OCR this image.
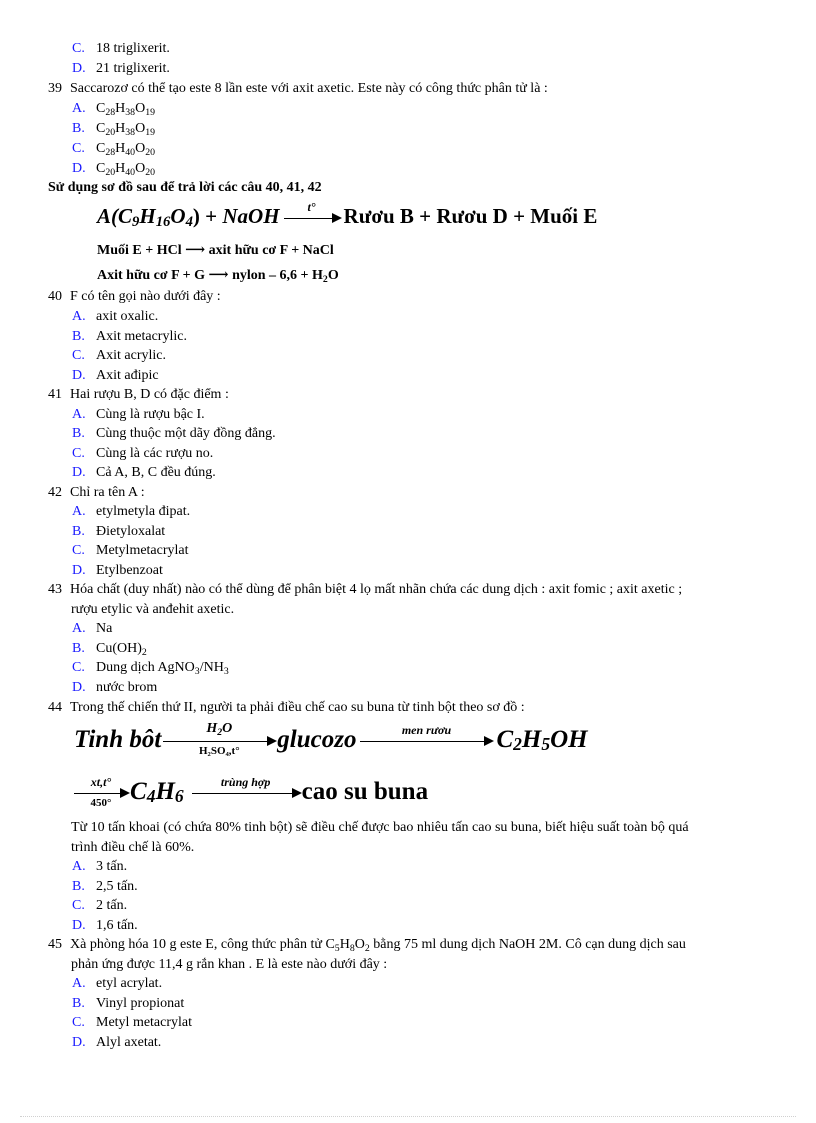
C. 18 triglixerit.
D. 21 triglixerit.
39 Saccarozơ có thể tạo este 8 lần este với axit axetic. Este này có công thức phân tử là :
A. $C_{28}H_{38}O_{19}$
B. $C_{20}H_{38}O_{19}$
C. $C_{28}H_{40}O_{20}$
D. $C_{20}H_{40}O_{20}$
Sử dụng sơ đồ sau để trả lời các câu 40, 41, 42
$A(C_9H_{16}O_4)$ + NaOH	t°	Rươu B + Rươu D + Muối E
Muối E + HCl ⟶ axit hữu cơ F + NaCl
Axit hữu cơ F + G ⟶ nylon – $6,6 + H_2O$
40 F có tên gọi nào dưới đây :
A. axit oxalic.
B. Axit metacrylic.
C. Axit acrylic.
D. Axit ađipic
41 Hai rượu B, D có đặc điểm :
A. Cùng là rượu bậc I.
B. Cùng thuộc một dãy đồng đẳng.
C. Cùng là các rượu no.
D. Cả A, B, C đều đúng.
42 Chỉ ra tên A :
A. etylmetyla đipat.
B. Đietyloxalat
C. Metylmetacrylat
D. Etylbenzoat
43 Hóa chất (duy nhất) nào có thể dùng để phân biệt 4 lọ mất nhãn chứa các dung dịch : axit fomic ; axit axetic ;
rượu etylic và anđehit axetic.
A. Na
B. $Cu(OH)_2$
C. Dung dịch $AgNO_3/NH_3$
D. nước brom
44 Trong thế chiến thứ II, người ta phải điều chế cao su buna từ tinh bột theo sơ đồ :
Tinh bôt	$H_2O$
H₂SO₄,t°	glucozo	men rươu	$C_2H_5OH$
$\frac{xt,t^\circ}{450^\circ} C_4H_6$
trùng hợp	cao su buna
Từ 10 tấn khoai (có chứa 80% tinh bột) sẽ điều chế được bao nhiêu tấn cao su buna, biết hiệu suất toàn bộ quá
trình điều chế là 60%.
A. 3 tấn.
B. 2,5 tấn.
C. 2 tấn.
D. 1,6 tấn.
45 Xà phòng hóa 10 g este E, công thức phân tử $C_5H_8O_2$ bằng 75 ml dung dịch NaOH 2M. Cô cạn dung dịch sau
phản ứng được 11,4 g rắn khan . E là este nào dưới đây :
A. etyl acrylat.
B. Vinyl propionat
C. Metyl metacrylat
D. Alyl axetat.
